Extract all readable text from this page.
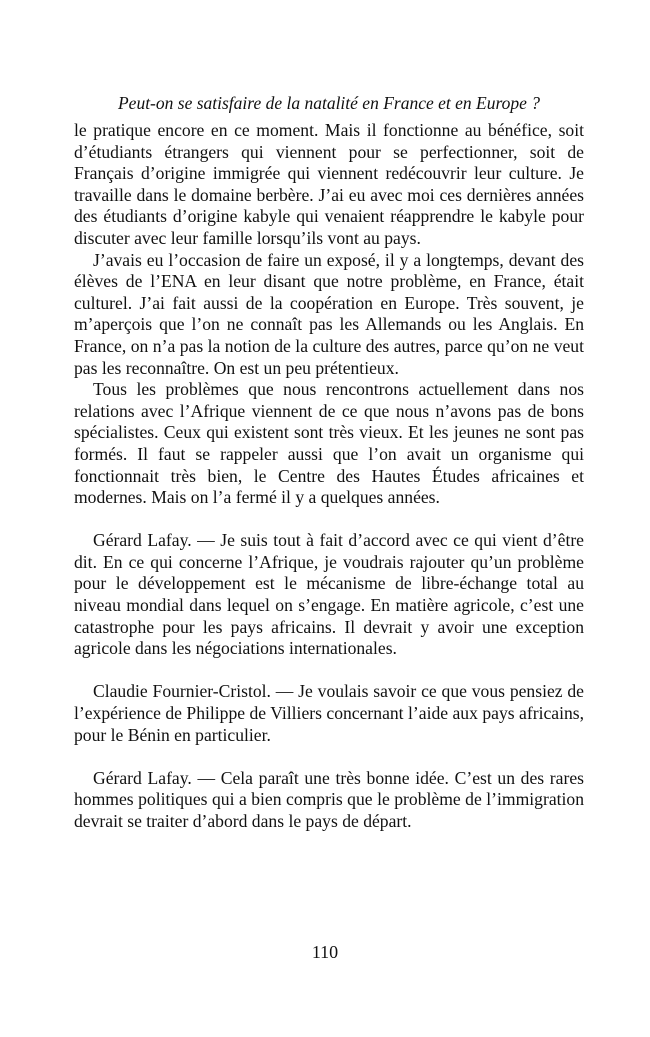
Peut-on se satisfaire de la natalité en France et en Europe ?

le pratique encore en ce moment. Mais il fonctionne au bénéfice, soit d’étudiants étrangers qui viennent pour se perfectionner, soit de Français d’origine immigrée qui viennent redécouvrir leur culture. Je travaille dans le domaine berbère. J’ai eu avec moi ces dernières années des étudiants d’origine kabyle qui venaient réapprendre le kabyle pour discuter avec leur famille lorsqu’ils vont au pays.

J’avais eu l’occasion de faire un exposé, il y a longtemps, devant des élèves de l’ENA en leur disant que notre problème, en France, était culturel. J’ai fait aussi de la coopération en Europe. Très souvent, je m’aperçois que l’on ne connaît pas les Allemands ou les Anglais. En France, on n’a pas la notion de la culture des autres, parce qu’on ne veut pas les reconnaître. On est un peu prétentieux.

Tous les problèmes que nous rencontrons actuellement dans nos relations avec l’Afrique viennent de ce que nous n’avons pas de bons spécialistes. Ceux qui existent sont très vieux. Et les jeunes ne sont pas formés. Il faut se rappeler aussi que l’on avait un organisme qui fonctionnait très bien, le Centre des Hautes Études africaines et modernes. Mais on l’a fermé il y a quelques années.

Gérard Lafay. — Je suis tout à fait d’accord avec ce qui vient d’être dit. En ce qui concerne l’Afrique, je voudrais rajouter qu’un problème pour le développement est le mécanisme de libre-échange total au niveau mondial dans lequel on s’engage. En matière agricole, c’est une catastrophe pour les pays africains. Il devrait y avoir une exception agricole dans les négociations internationales.

Claudie Fournier-Cristol. — Je voulais savoir ce que vous pensiez de l’expérience de Philippe de Villiers concernant l’aide aux pays africains, pour le Bénin en particulier.

Gérard Lafay. — Cela paraît une très bonne idée. C’est un des rares hommes politiques qui a bien compris que le problème de l’immigration devrait se traiter d’abord dans le pays de départ.

110
